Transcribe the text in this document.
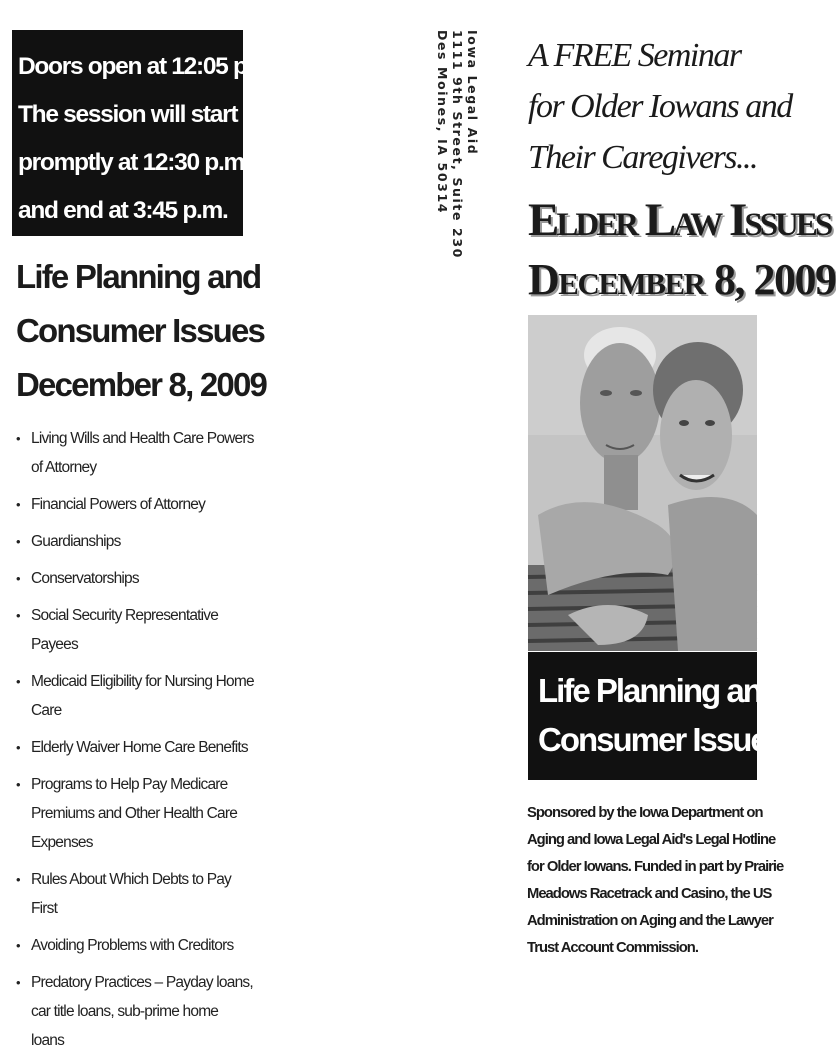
Doors open at 12:05 p.m.
The session will start
promptly at 12:30 p.m.
and end at 3:45 p.m.
Life Planning and
Consumer Issues
December 8, 2009
• Living Wills and Health Care Powers of Attorney
• Financial Powers of Attorney
• Guardianships
• Conservatorships
• Social Security Representative Payees
• Medicaid Eligibility for Nursing Home Care
• Elderly Waiver Home Care Benefits
• Programs to Help Pay Medicare Premiums and Other Health Care Expenses
• Rules About Which Debts to Pay First
• Avoiding Problems with Creditors
• Predatory Practices – Payday loans, car title loans, sub-prime home loans
Iowa Legal Aid
1111 9th Street, Suite 230
Des Moines, IA 50314 A FREE Seminar
for Older Iowans and
Their Caregivers...
Elder Law Issues
December 8, 2009
Life Planning and
Consumer Issues
Sponsored by the Iowa Department on
Aging and Iowa Legal Aid's Legal Hotline
for Older Iowans. Funded in part by Prairie
Meadows Racetrack and Casino, the US
Administration on Aging and the Lawyer
Trust Account Commission.
